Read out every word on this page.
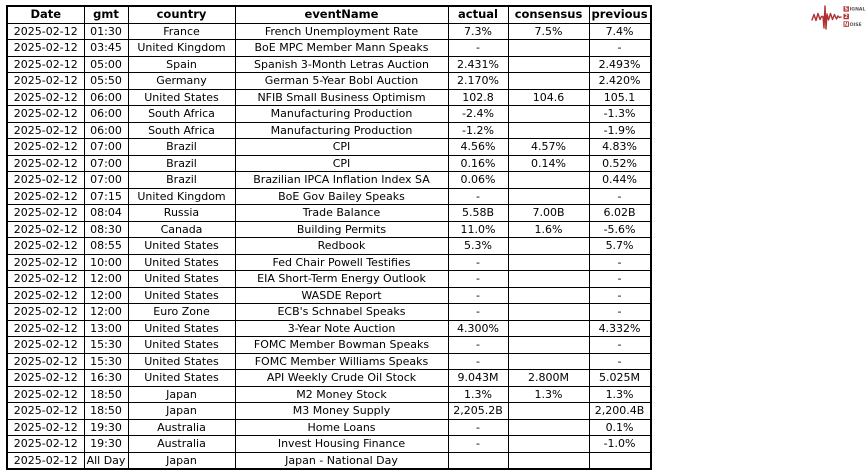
Date	gmt	country	eventName	actual	consensus	previous
2025-02-12	01:30	France	French Unemployment Rate	7.3%	7.5%	7.4%
2025-02-12	03:45	United Kingdom	BoE MPC Member Mann Speaks	-		-
2025-02-12	05:00	Spain	Spanish 3-Month Letras Auction	2.431%		2.493%
2025-02-12	05:50	Germany	German 5-Year Bobl Auction	2.170%		2.420%
2025-02-12	06:00	United States	NFIB Small Business Optimism	102.8	104.6	105.1
2025-02-12	06:00	South Africa	Manufacturing Production	-2.4%		-1.3%
2025-02-12	06:00	South Africa	Manufacturing Production	-1.2%		-1.9%
2025-02-12	07:00	Brazil	CPI	4.56%	4.57%	4.83%
2025-02-12	07:00	Brazil	CPI	0.16%	0.14%	0.52%
2025-02-12	07:00	Brazil	Brazilian IPCA Inflation Index SA	0.06%		0.44%
2025-02-12	07:15	United Kingdom	BoE Gov Bailey Speaks	-		-
2025-02-12	08:04	Russia	Trade Balance	5.58B	7.00B	6.02B
2025-02-12	08:30	Canada	Building Permits	11.0%	1.6%	-5.6%
2025-02-12	08:55	United States	Redbook	5.3%		5.7%
2025-02-12	10:00	United States	Fed Chair Powell Testifies	-		-
2025-02-12	12:00	United States	EIA Short-Term Energy Outlook	-		-
2025-02-12	12:00	United States	WASDE Report	-		-
2025-02-12	12:00	Euro Zone	ECB's Schnabel Speaks	-		-
2025-02-12	13:00	United States	3-Year Note Auction	4.300%		4.332%
2025-02-12	15:30	United States	FOMC Member Bowman Speaks	-		-
2025-02-12	15:30	United States	FOMC Member Williams Speaks	-		-
2025-02-12	16:30	United States	API Weekly Crude Oil Stock	9.043M	2.800M	5.025M
2025-02-12	18:50	Japan	M2 Money Stock	1.3%	1.3%	1.3%
2025-02-12	18:50	Japan	M3 Money Supply	2,205.2B		2,200.4B
2025-02-12	19:30	Australia	Home Loans	-		0.1%
2025-02-12	19:30	Australia	Invest Housing Finance	-		-1.0%
2025-02-12	All Day	Japan	Japan - National Day			
S IGNAL
2
N OISE
